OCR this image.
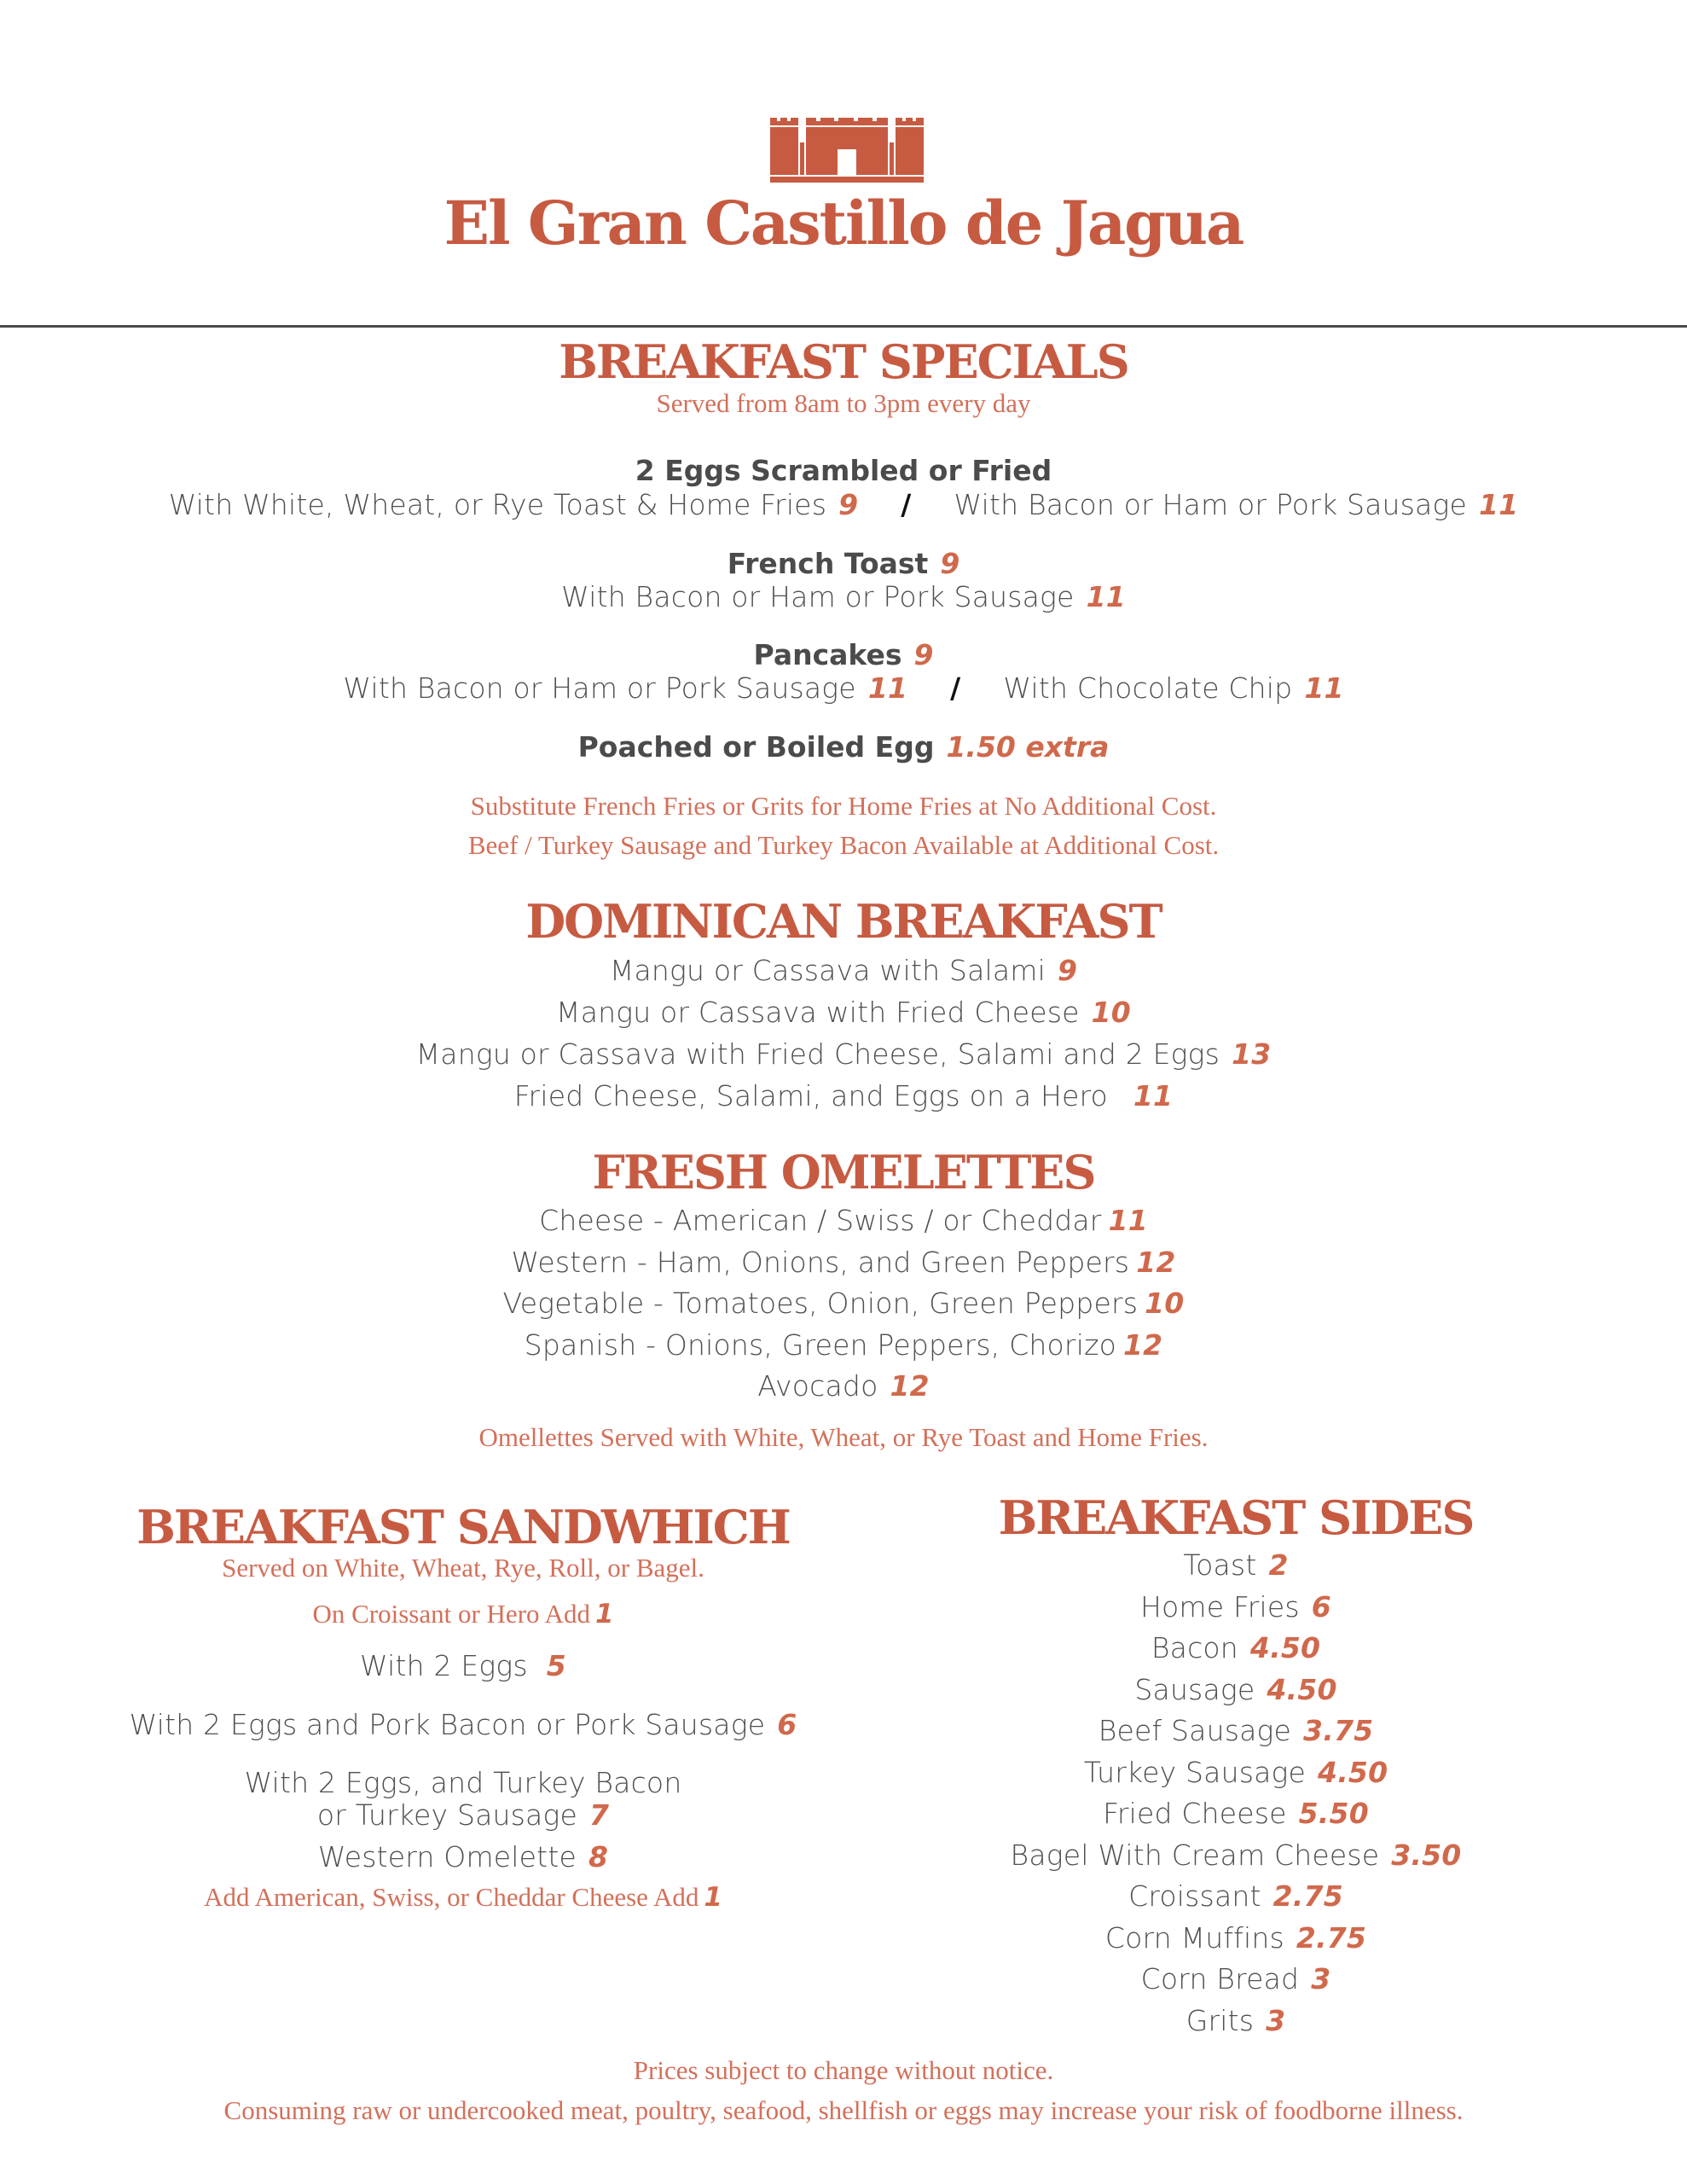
El Gran Castillo de Jagua
BREAKFAST SPECIALS
Served from 8am to 3pm every day
2 Eggs Scrambled or Fried
With White, Wheat, or Rye Toast & Home Fries 9 / With Bacon or Ham or Pork Sausage 11
French Toast 9
With Bacon or Ham or Pork Sausage 11
Pancakes 9
With Bacon or Ham or Pork Sausage 11 / With Chocolate Chip 11
Poached or Boiled Egg 1.50 extra
Substitute French Fries or Grits for Home Fries at No Additional Cost.
Beef / Turkey Sausage and Turkey Bacon Available at Additional Cost.
DOMINICAN BREAKFAST
Mangu or Cassava with Salami 9
Mangu or Cassava with Fried Cheese 10
Mangu or Cassava with Fried Cheese, Salami and 2 Eggs 13
Fried Cheese, Salami, and Eggs on a Hero 11
FRESH OMELETTES
Cheese - American / Swiss / or Cheddar 11
Western - Ham, Onions, and Green Peppers 12
Vegetable - Tomatoes, Onion, Green Peppers 10
Spanish - Onions, Green Peppers, Chorizo 12
Avocado 12
Omellettes Served with White, Wheat, or Rye Toast and Home Fries.
BREAKFAST SANDWHICH
Served on White, Wheat, Rye, Roll, or Bagel.
On Croissant or Hero Add 1
With 2 Eggs 5
With 2 Eggs and Pork Bacon or Pork Sausage 6
With 2 Eggs, and Turkey Bacon
or Turkey Sausage 7
Western Omelette 8
Add American, Swiss, or Cheddar Cheese Add 1
BREAKFAST SIDES
Toast 2
Home Fries 6
Bacon 4.50
Sausage 4.50
Beef Sausage 3.75
Turkey Sausage 4.50
Fried Cheese 5.50
Bagel With Cream Cheese 3.50
Croissant 2.75
Corn Muffins 2.75
Corn Bread 3
Grits 3
Prices subject to change without notice.
Consuming raw or undercooked meat, poultry, seafood, shellfish or eggs may increase your risk of foodborne illness.
